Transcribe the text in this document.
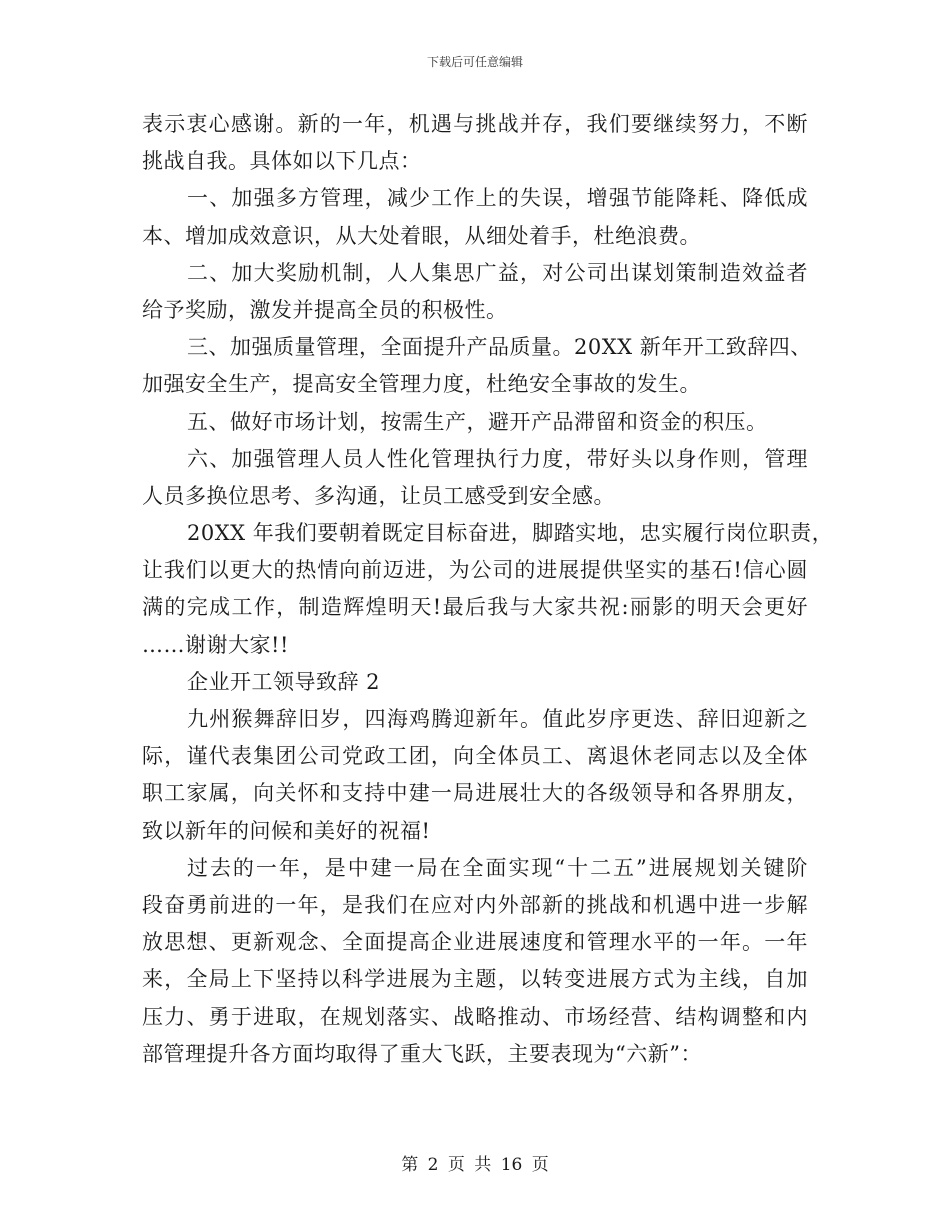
下载后可任意编辑
表示衷心感谢。新的一年，机遇与挑战并存，我们要继续努力，不断
挑战自我。具体如以下几点：
一、加强多方管理，减少工作上的失误，增强节能降耗、降低成
本、增加成效意识，从大处着眼，从细处着手，杜绝浪费。
二、加大奖励机制，人人集思广益，对公司出谋划策制造效益者
给予奖励，激发并提高全员的积极性。
三、加强质量管理，全面提升产品质量。20XX 新年开工致辞四、
加强安全生产，提高安全管理力度，杜绝安全事故的发生。
五、做好市场计划，按需生产，避开产品滞留和资金的积压。
六、加强管理人员人性化管理执行力度，带好头以身作则，管理
人员多换位思考、多沟通，让员工感受到安全感。
20XX 年我们要朝着既定目标奋进，脚踏实地，忠实履行岗位职责，
让我们以更大的热情向前迈进，为公司的进展提供坚实的基石!信心圆
满的完成工作，制造辉煌明天!最后我与大家共祝:丽影的明天会更好
……谢谢大家!!
企业开工领导致辞 2
九州猴舞辞旧岁，四海鸡腾迎新年。值此岁序更迭、辞旧迎新之
际，谨代表集团公司党政工团，向全体员工、离退休老同志以及全体
职工家属，向关怀和支持中建一局进展壮大的各级领导和各界朋友，
致以新年的问候和美好的祝福!
过去的一年，是中建一局在全面实现“十二五”进展规划关键阶
段奋勇前进的一年，是我们在应对内外部新的挑战和机遇中进一步解
放思想、更新观念、全面提高企业进展速度和管理水平的一年。一年
来，全局上下坚持以科学进展为主题，以转变进展方式为主线，自加
压力、勇于进取，在规划落实、战略推动、市场经营、结构调整和内
部管理提升各方面均取得了重大飞跃，主要表现为“六新”：
第 2 页 共 16 页
